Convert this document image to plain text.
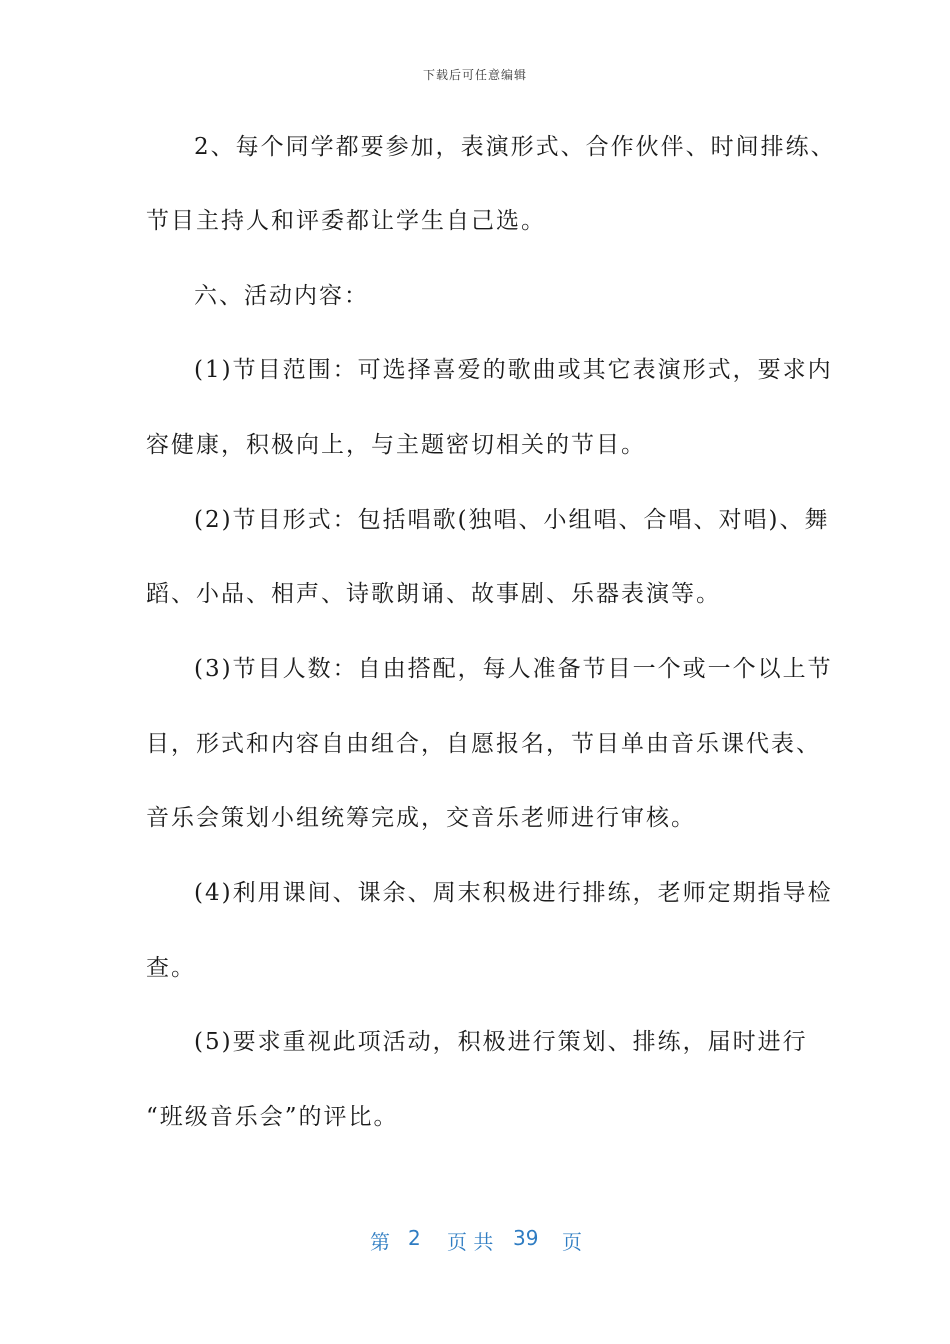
下载后可任意编辑
2、每个同学都要参加，表演形式、合作伙伴、时间排练、
节目主持人和评委都让学生自己选。
六、活动内容：
(1)节目范围：可选择喜爱的歌曲或其它表演形式，要求内
容健康，积极向上，与主题密切相关的节目。
(2)节目形式：包括唱歌(独唱、小组唱、合唱、对唱)、舞
蹈、小品、相声、诗歌朗诵、故事剧、乐器表演等。
(3)节目人数：自由搭配，每人准备节目一个或一个以上节
目，形式和内容自由组合，自愿报名，节目单由音乐课代表、
音乐会策划小组统筹完成，交音乐老师进行审核。
(4)利用课间、课余、周末积极进行排练，老师定期指导检
查。
(5)要求重视此项活动，积极进行策划、排练，届时进行
“班级音乐会”的评比。
第 2 页 共 39 页
